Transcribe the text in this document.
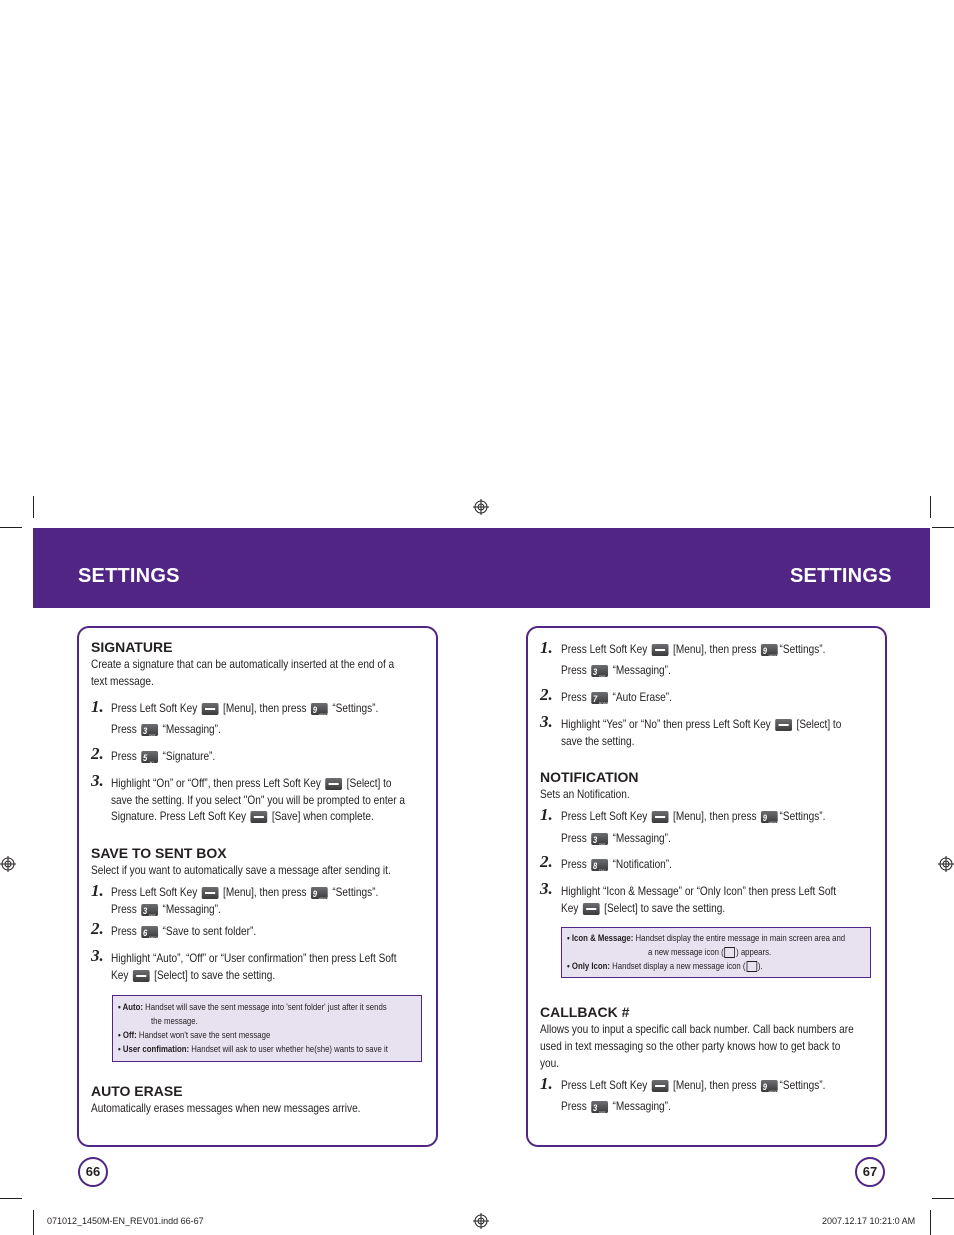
SETTINGS	SETTINGS
SIGNATURE
Create a signature that can be automatically inserted at the end of a
text message.
1. Press Left Soft Key [Menu], then press 9 WXYZ “Settings”.
Press 3 DEF “Messaging”.
2. Press 5 JKL “Signature”.
3. Highlight “On” or “Off”, then press Left Soft Key [Select] to
save the setting. If you select "On" you will be prompted to enter a
Signature. Press Left Soft Key [Save] when complete.
SAVE TO SENT BOX
Select if you want to automatically save a message after sending it.
1. Press Left Soft Key [Menu], then press 9 WXYZ “Settings”.
Press 3 DEF “Messaging”.
2. Press 6 MNO “Save to sent folder”.
3. Highlight “Auto”, “Off” or “User confirmation” then press Left Soft
Key [Select] to save the setting.
• Auto: Handset will save the sent message into 'sent folder' just after it sends
the message.
• Off: Handset won't save the sent message
• User confimation: Handset will ask to user whether he(she) wants to save it
AUTO ERASE
Automatically erases messages when new messages arrive.
66
1. Press Left Soft Key [Menu], then press 9 WXYZ “Settings”.
Press 3 DEF “Messaging”.
2. Press 7 PQRS “Auto Erase”.
3. Highlight “Yes” or “No” then press Left Soft Key [Select] to
save the setting.
NOTIFICATION
Sets an Notification.
1. Press Left Soft Key [Menu], then press 9 WXYZ “Settings”.
Press 3 DEF “Messaging”.
2. Press 8 TUV “Notification”.
3. Highlight “Icon & Message” or “Only Icon” then press Left Soft
Key [Select] to save the setting.
• Icon & Message: Handset display the entire message in main screen area and
a new message icon ( ) appears.
• Only Icon: Handset display a new message icon ( ).
CALLBACK #
Allows you to input a specific call back number. Call back numbers are
used in text messaging so the other party knows how to get back to
you.
1. Press Left Soft Key [Menu], then press 9 WXYZ “Settings”.
Press 3 DEF “Messaging”.
67
071012_1450M-EN_REV01.indd 66-67	2007.12.17 10:21:0 AM
